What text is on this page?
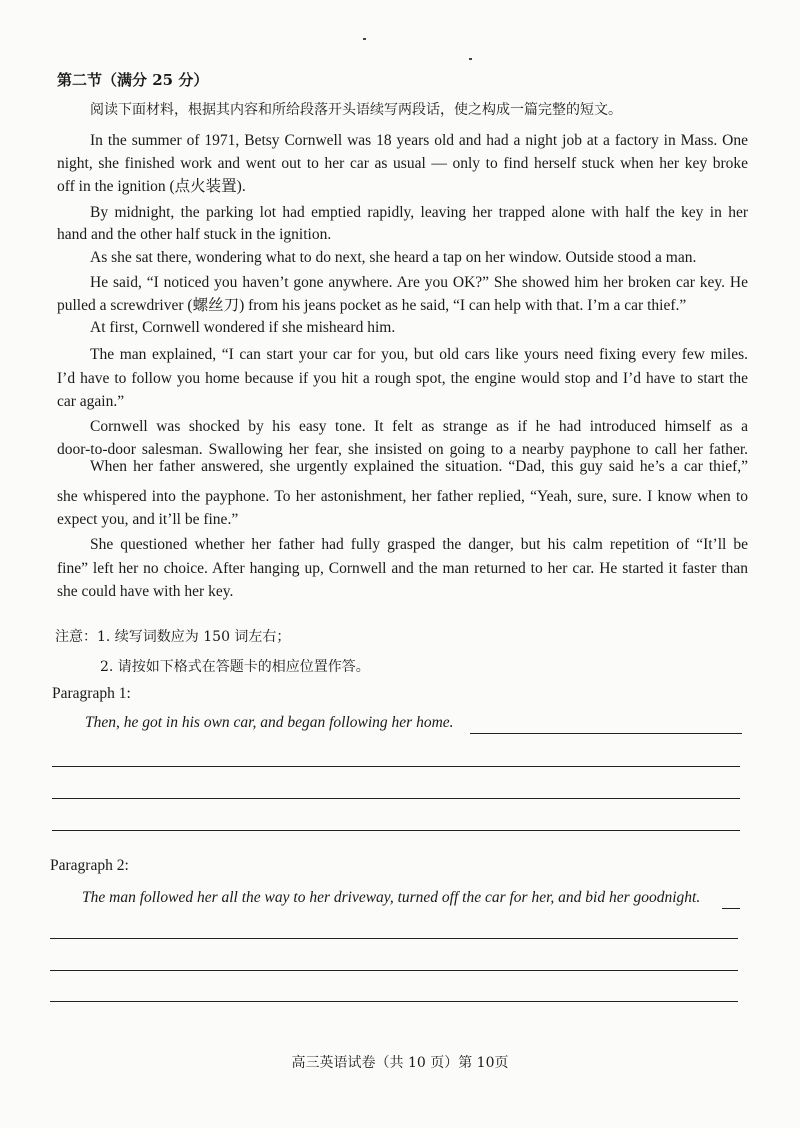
第二节（满分 25 分）
阅读下面材料，根据其内容和所给段落开头语续写两段话，使之构成一篇完整的短文。
In the summer of 1971, Betsy Cornwell was 18 years old and had a night job at a factory in Mass. One
night, she finished work and went out to her car as usual — only to find herself stuck when her key broke
off in the ignition (点火装置).
By midnight, the parking lot had emptied rapidly, leaving her trapped alone with half the key in her
hand and the other half stuck in the ignition.
As she sat there, wondering what to do next, she heard a tap on her window. Outside stood a man.
He said, “I noticed you haven’t gone anywhere. Are you OK?” She showed him her broken car key. He
pulled a screwdriver (螺丝刀) from his jeans pocket as he said, “I can help with that. I’m a car thief.”
At first, Cornwell wondered if she misheard him.
The man explained, “I can start your car for you, but old cars like yours need fixing every few miles.
I’d have to follow you home because if you hit a rough spot, the engine would stop and I’d have to start the
car again.”
Cornwell was shocked by his easy tone. It felt as strange as if he had introduced himself as a
door-to-door salesman. Swallowing her fear, she insisted on going to a nearby payphone to call her father.
When her father answered, she urgently explained the situation. “Dad, this guy said he’s a car thief,”
she whispered into the payphone. To her astonishment, her father replied, “Yeah, sure, sure. I know when to
expect you, and it’ll be fine.”
She questioned whether her father had fully grasped the danger, but his calm repetition of “It’ll be
fine” left her no choice. After hanging up, Cornwell and the man returned to her car. He started it faster than
she could have with her key.
注意：1. 续写词数应为 150 词左右；
2. 请按如下格式在答题卡的相应位置作答。
Paragraph 1:
Then, he got in his own car, and began following her home.
Paragraph 2:
The man followed her all the way to her driveway, turned off the car for her, and bid her goodnight.
高三英语试卷（共 10 页）第 10页
